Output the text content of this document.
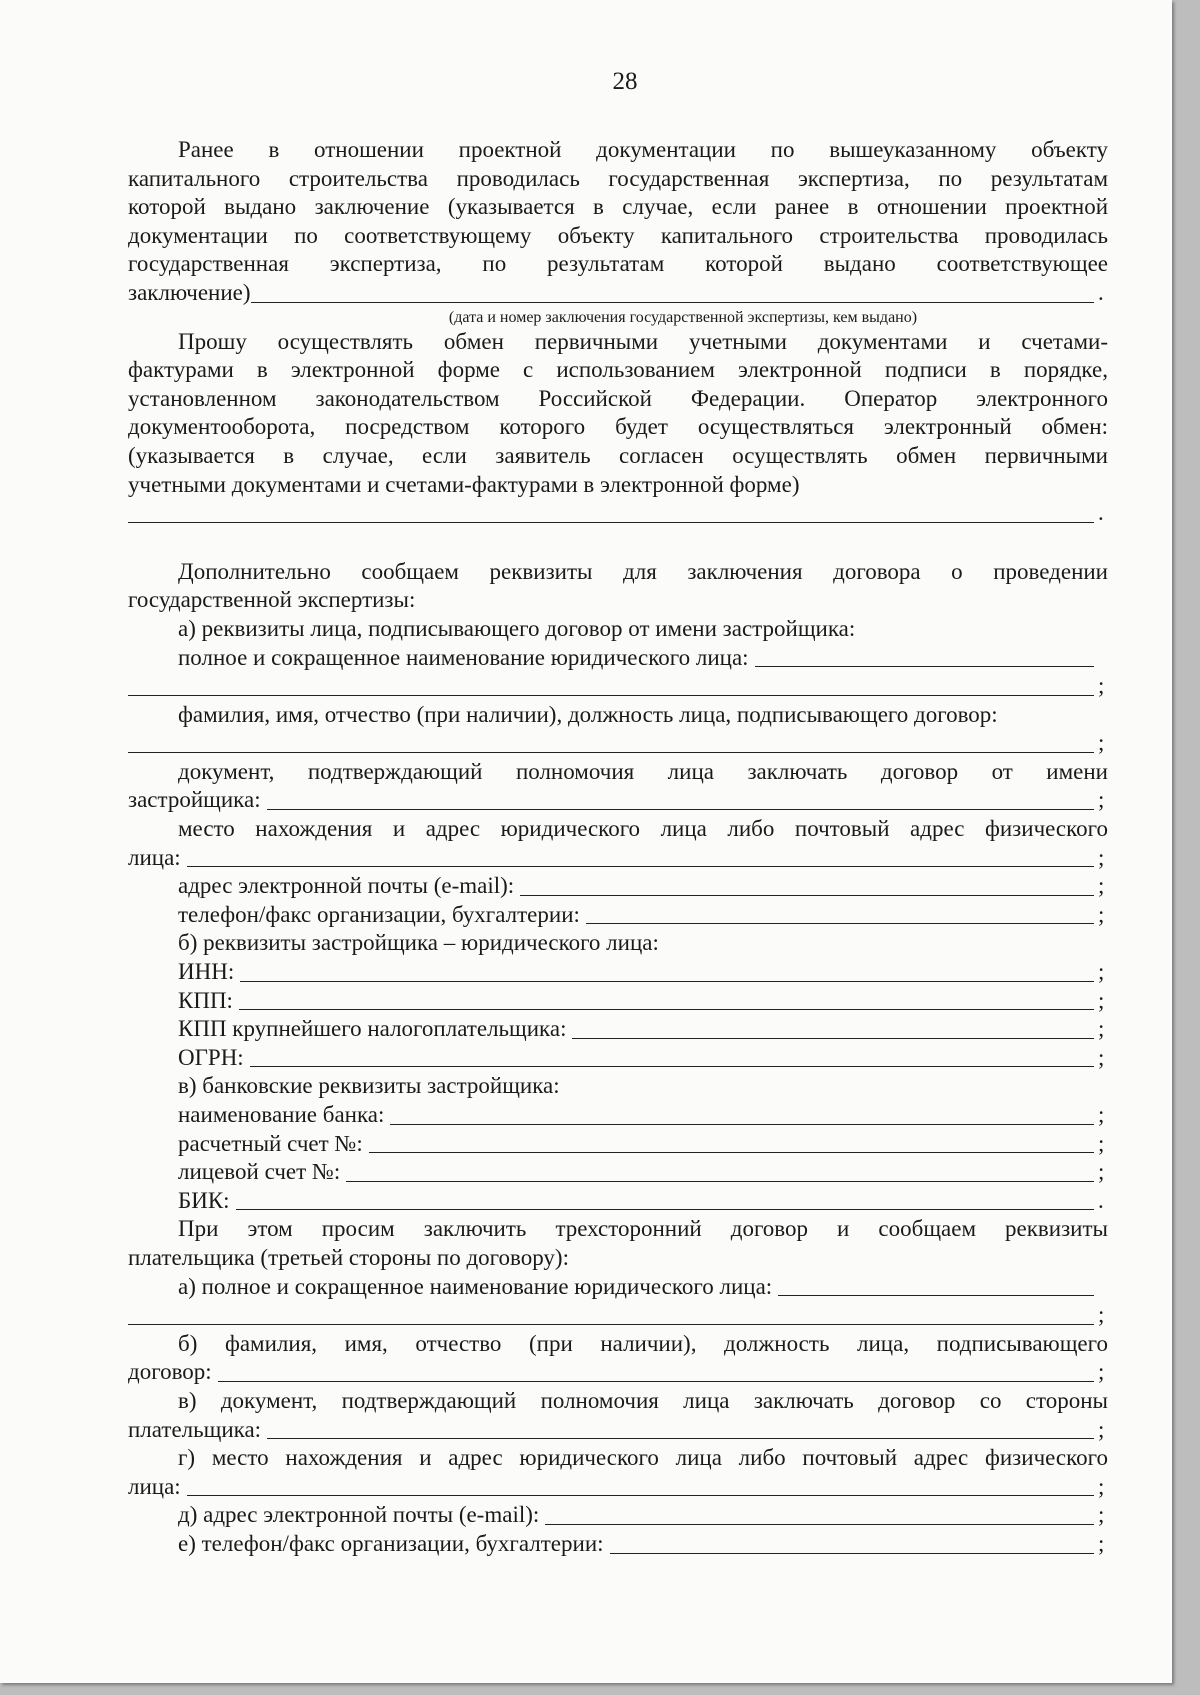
28

Ранее в отношении проектной документации по вышеуказанному объекту

капитального строительства проводилась государственная экспертиза, по результатам

которой выдано заключение (указывается в случае, если ранее в отношении проектной

документации по соответствующему объекту капитального строительства проводилась

государственная экспертиза, по результатам которой выдано соответствующее

заключение)	.

(дата и номер заключения государственной экспертизы, кем выдано)

Прошу осуществлять обмен первичными учетными документами и счетами-

фактурами в электронной форме с использованием электронной подписи в порядке,

установленном законодательством Российской Федерации. Оператор электронного

документооборота, посредством которого будет осуществляться электронный обмен:

(указывается в случае, если заявитель согласен осуществлять обмен первичными

учетными документами и счетами-фактурами в электронной форме)

.

Дополнительно сообщаем реквизиты для заключения договора о проведении

государственной экспертизы:

а) реквизиты лица, подписывающего договор от имени застройщика:

полное и сокращенное наименование юридического лица:
;

фамилия, имя, отчество (при наличии), должность лица, подписывающего договор:

;

документ, подтверждающий полномочия лица заключать договор от имени

застройщика:	;

место нахождения и адрес юридического лица либо почтовый адрес физического

лица:	;
адрес электронной почты (e-mail):	;
телефон/факс организации, бухгалтерии:	;

б) реквизиты застройщика – юридического лица:

ИНН:	;
КПП:	;
КПП крупнейшего налогоплательщика:	;
ОГРН:	;

в) банковские реквизиты застройщика:

наименование банка:	;
расчетный счет №:	;
лицевой счет №:	;
БИК:	.

При этом просим заключить трехсторонний договор и сообщаем реквизиты

плательщика (третьей стороны по договору):

а) полное и сокращенное наименование юридического лица:
;

б) фамилия, имя, отчество (при наличии), должность лица, подписывающего

договор:	;

в) документ, подтверждающий полномочия лица заключать договор со стороны

плательщика:	;

г) место нахождения и адрес юридического лица либо почтовый адрес физического

лица:	;
д) адрес электронной почты (e-mail):	;
е) телефон/факс организации, бухгалтерии:	;
